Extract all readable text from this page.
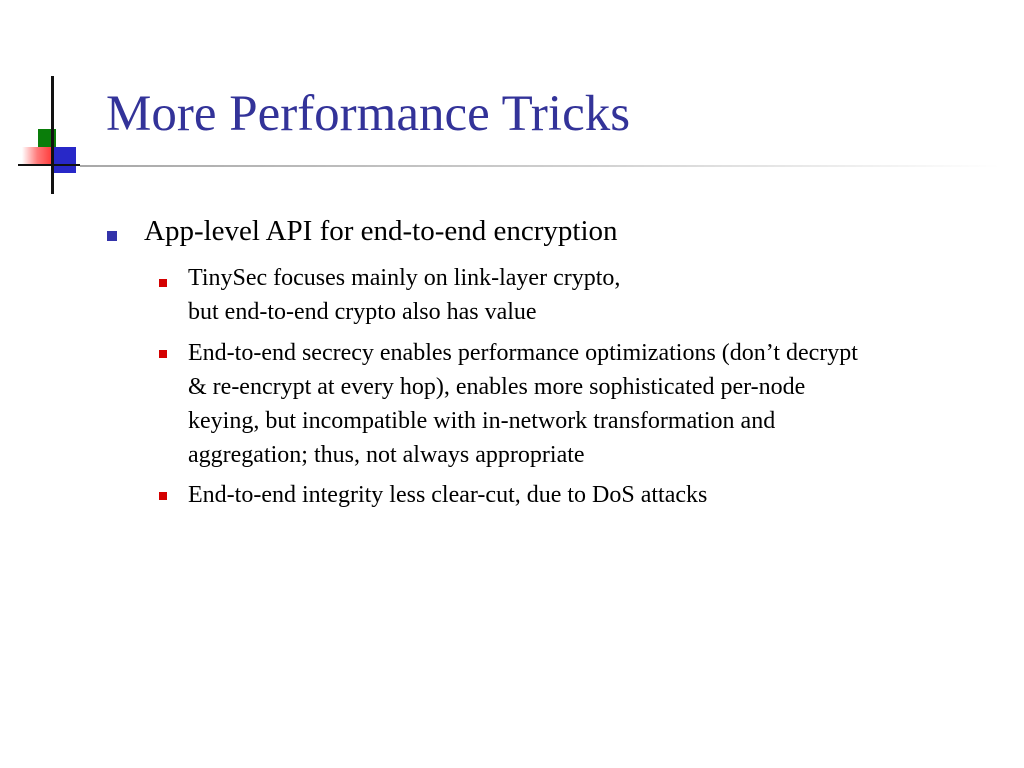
More Performance Tricks
App-level API for end-to-end encryption
TinySec focuses mainly on link-layer crypto,
but end-to-end crypto also has value
End-to-end secrecy enables performance optimizations (don’t decrypt
& re-encrypt at every hop), enables more sophisticated per-node
keying, but incompatible with in-network transformation and
aggregation; thus, not always appropriate
End-to-end integrity less clear-cut, due to DoS attacks
